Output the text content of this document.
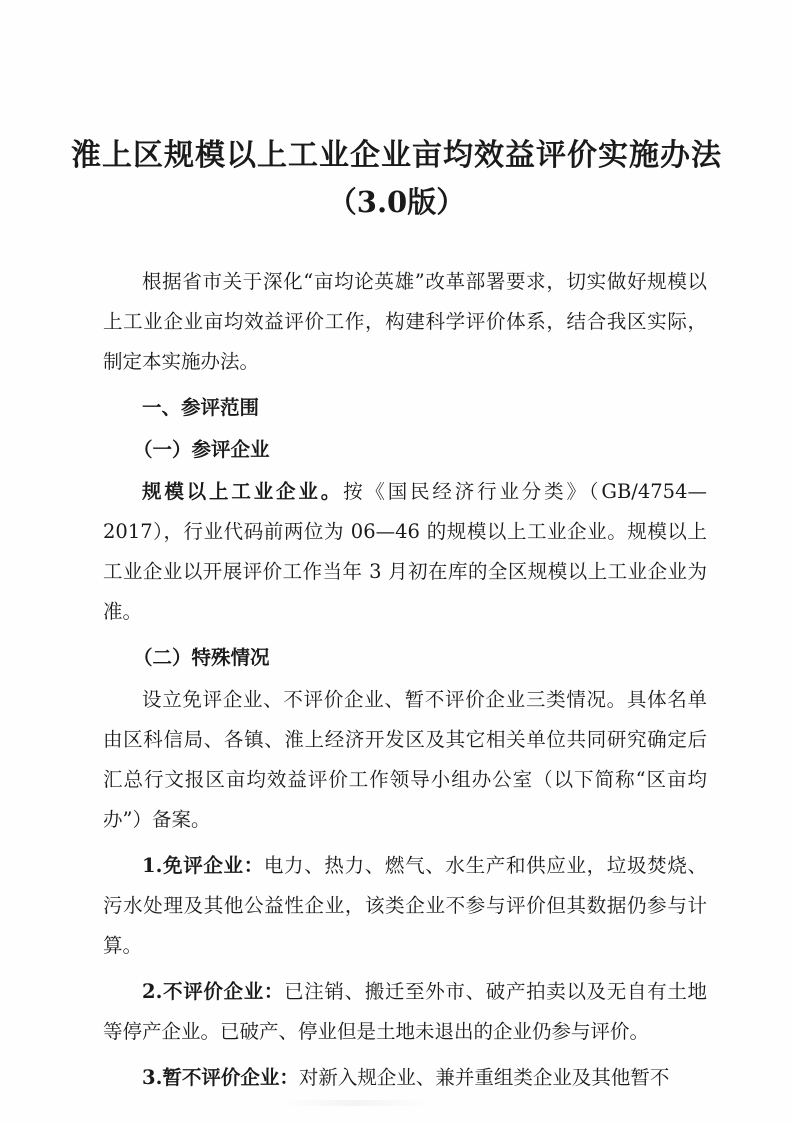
淮上区规模以上工业企业亩均效益评价实施办法
（3.0版）

根据省市关于深化“亩均论英雄”改革部署要求，切实做好规模以上工业企业亩均效益评价工作，构建科学评价体系，结合我区实际，制定本实施办法。

一、参评范围

（一）参评企业

规模以上工业企业。按《国民经济行业分类》（GB/4754—2017），行业代码前两位为 06—46 的规模以上工业企业。规模以上工业企业以开展评价工作当年 3 月初在库的全区规模以上工业企业为准。

（二）特殊情况

设立免评企业、不评价企业、暂不评价企业三类情况。具体名单由区科信局、各镇、淮上经济开发区及其它相关单位共同研究确定后汇总行文报区亩均效益评价工作领导小组办公室（以下简称“区亩均办”）备案。

1.免评企业：电力、热力、燃气、水生产和供应业，垃圾焚烧、污水处理及其他公益性企业，该类企业不参与评价但其数据仍参与计算。

2.不评价企业：已注销、搬迁至外市、破产拍卖以及无自有土地等停产企业。已破产、停业但是土地未退出的企业仍参与评价。

3.暂不评价企业：对新入规企业、兼并重组类企业及其他暂不
